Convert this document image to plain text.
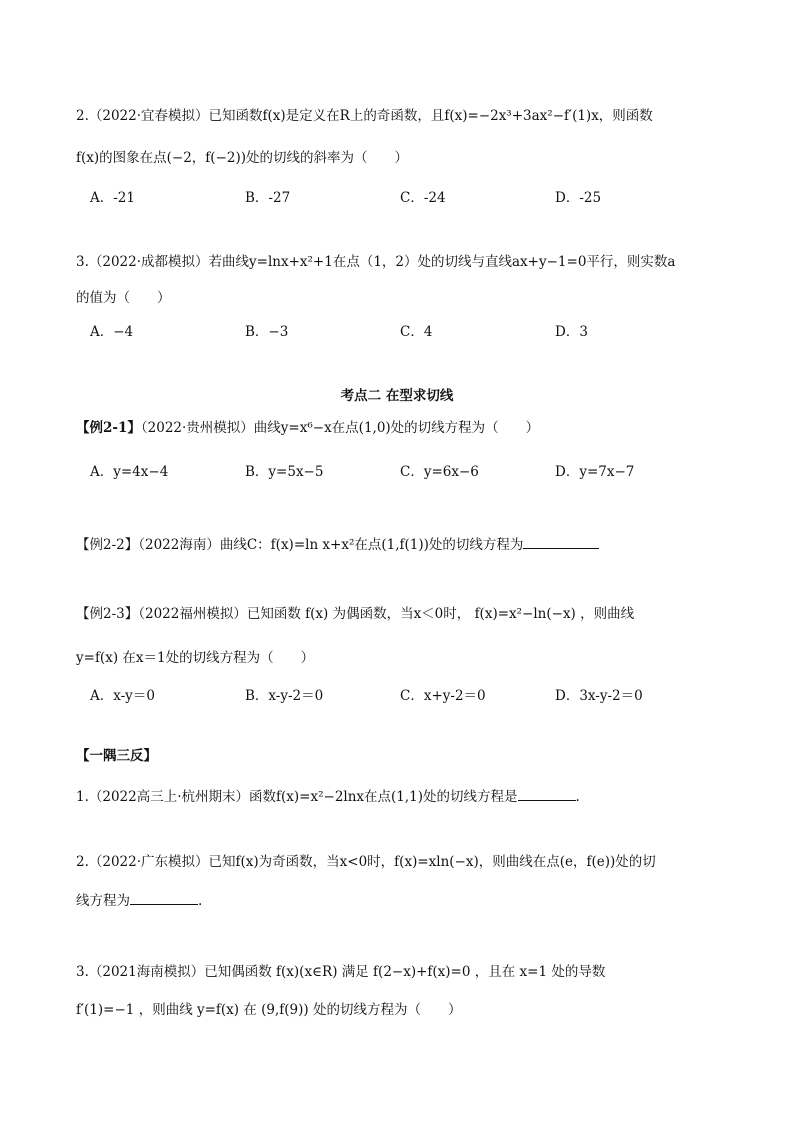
2.（2022·宜春模拟）已知函数f(x)是定义在R上的奇函数，且f(x)=−2x³+3ax²−f′(1)x，则函数
f(x)的图象在点(−2，f(−2))处的切线的斜率为（　　）
A．-21	B．-27	C．-24	D．-25
3.（2022·成都模拟）若曲线y=lnx+x²+1在点（1，2）处的切线与直线ax+y−1=0平行，则实数a
的值为（　　）
A．−4	B．−3	C．4	D．3
考点二 在型求切线
【例2-1】（2022·贵州模拟）曲线y=x⁶−x在点(1,0)处的切线方程为（　　）
A．y=4x−4	B．y=5x−5	C．y=6x−6	D．y=7x−7
【例2-2】（2022海南）曲线C：f(x)=ln x+x²在点(1,f(1))处的切线方程为
【例2-3】（2022福州模拟）已知函数 f(x) 为偶函数，当x＜0时， f(x)=x²−ln(−x) ，则曲线
y=f(x) 在x＝1处的切线方程为（　　）
A．x-y＝0	B．x-y-2＝0	C．x+y-2＝0	D．3x-y-2＝0
【一隅三反】
1.（2022高三上·杭州期末）函数f(x)=x²−2lnx在点(1,1)处的切线方程是	.
2.（2022·广东模拟）已知f(x)为奇函数，当x<0时，f(x)=xln(−x)，则曲线在点(e，f(e))处的切
线方程为	.
3.（2021海南模拟）已知偶函数 f(x)(x∈R) 满足 f(2−x)+f(x)=0 ，且在 x=1 处的导数
f′(1)=−1 ，则曲线 y=f(x) 在 (9,f(9)) 处的切线方程为（　　）
